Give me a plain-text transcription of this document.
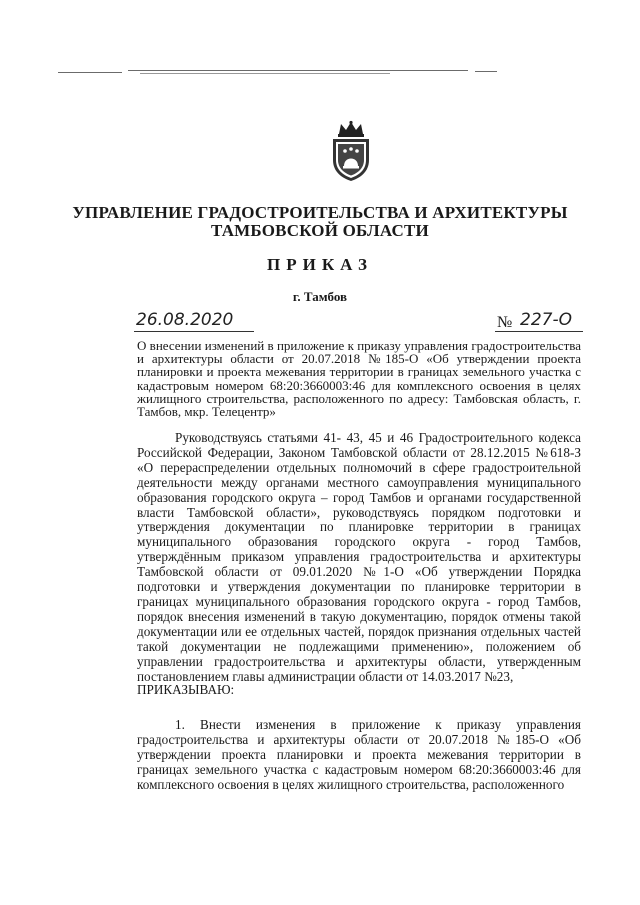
УПРАВЛЕНИЕ ГРАДОСТРОИТЕЛЬСТВА И АРХИТЕКТУРЫ
ТАМБОВСКОЙ ОБЛАСТИ
ПРИКАЗ
г. Тамбов
26.08.2020	№ 227-О
О внесении изменений в приложение к приказу управления градостроительства и архитектуры области от 20.07.2018 №185-О «Об утверждении проекта планировки и проекта межевания территории в границах земельного участка с кадастровым номером 68:20:3660003:46 для комплексного освоения в целях жилищного строительства, расположенного по адресу: Тамбовская область, г. Тамбов, мкр. Телецентр»
Руководствуясь статьями 41- 43, 45 и 46 Градостроительного кодекса Российской Федерации, Законом Тамбовской области от 28.12.2015 №618-З «О перераспределении отдельных полномочий в сфере градостроительной деятельности между органами местного самоуправления муниципального образования городского округа – город Тамбов и органами государственной власти Тамбовской области», руководствуясь порядком подготовки и утверждения документации по планировке территории в границах муниципального образования городского округа - город Тамбов, утверждённым приказом управления градостроительства и архитектуры Тамбовской области от 09.01.2020 №1-О «Об утверждении Порядка подготовки и утверждения документации по планировке территории в границах муниципального образования городского округа - город Тамбов, порядок внесения изменений в такую документацию, порядок отмены такой документации или ее отдельных частей, порядок признания отдельных частей такой документации не подлежащими применению», положением об управлении градостроительства и архитектуры области, утвержденным постановлением главы администрации области от 14.03.2017 №23,
ПРИКАЗЫВАЮ:
1. Внести изменения в приложение к приказу управления градостроительства и архитектуры области от 20.07.2018 №185-О «Об утверждении проекта планировки и проекта межевания территории в границах земельного участка с кадастровым номером 68:20:3660003:46 для комплексного освоения в целях жилищного строительства, расположенного
